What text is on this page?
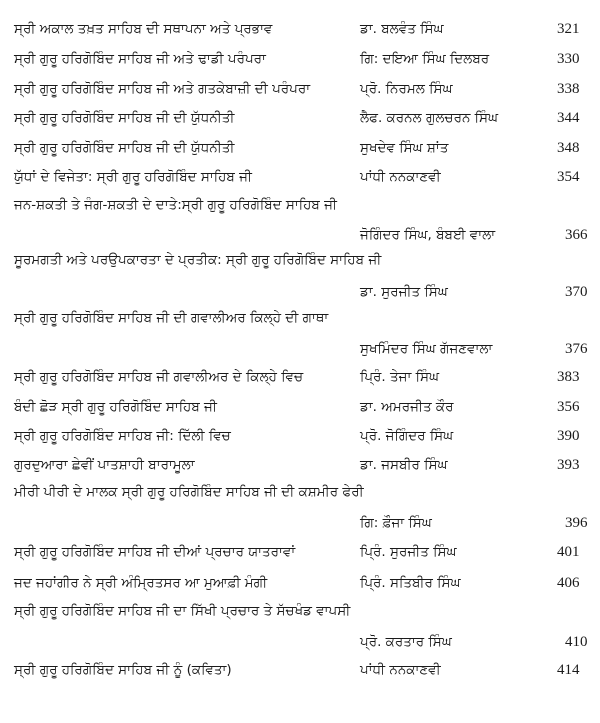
ਸ੍ਰੀ ਅਕਾਲ ਤਖ਼ਤ ਸਾਹਿਬ ਦੀ ਸਥਾਪਨਾ ਅਤੇ ਪ੍ਰਭਾਵ	ਡਾ. ਬਲਵੰਤ ਸਿੰਘ	321
ਸ੍ਰੀ ਗੁਰੂ ਹਰਿਗੋਬਿੰਦ ਸਾਹਿਬ ਜੀ ਅਤੇ ਢਾਡੀ ਪਰੰਪਰਾ	ਗਿ: ਦਇਆ ਸਿੰਘ ਦਿਲਬਰ	330
ਸ੍ਰੀ ਗੁਰੂ ਹਰਿਗੋਬਿੰਦ ਸਾਹਿਬ ਜੀ ਅਤੇ ਗਤਕੇਬਾਜ਼ੀ ਦੀ ਪਰੰਪਰਾ	ਪ੍ਰੋ. ਨਿਰਮਲ ਸਿੰਘ	338
ਸ੍ਰੀ ਗੁਰੂ ਹਰਿਗੋਬਿੰਦ ਸਾਹਿਬ ਜੀ ਦੀ ਯੁੱਧਨੀਤੀ	ਲੈਫ. ਕਰਨਲ ਗੁਲਚਰਨ ਸਿੰਘ	344
ਸ੍ਰੀ ਗੁਰੂ ਹਰਿਗੋਬਿੰਦ ਸਾਹਿਬ ਜੀ ਦੀ ਯੁੱਧਨੀਤੀ	ਸੁਖਦੇਵ ਸਿੰਘ ਸ਼ਾਂਤ	348
ਯੁੱਧਾਂ ਦੇ ਵਿਜੇਤਾ: ਸ੍ਰੀ ਗੁਰੂ ਹਰਿਗੋਬਿੰਦ ਸਾਹਿਬ ਜੀ	ਪਾਂਧੀ ਨਨਕਾਣਵੀ	354
ਜਨ-ਸ਼ਕਤੀ ਤੇ ਜੰਗ-ਸ਼ਕਤੀ ਦੇ ਦਾਤੇ:ਸ੍ਰੀ ਗੁਰੂ ਹਰਿਗੋਬਿੰਦ ਸਾਹਿਬ ਜੀ
ਜੋਗਿੰਦਰ ਸਿੰਘ, ਬੰਬਈ ਵਾਲਾ	366
ਸੂਰਮਗਤੀ ਅਤੇ ਪਰਉਪਕਾਰਤਾ ਦੇ ਪ੍ਰਤੀਕ: ਸ੍ਰੀ ਗੁਰੂ ਹਰਿਗੋਬਿੰਦ ਸਾਹਿਬ ਜੀ
ਡਾ. ਸੁਰਜੀਤ ਸਿੰਘ	370
ਸ੍ਰੀ ਗੁਰੂ ਹਰਿਗੋਬਿੰਦ ਸਾਹਿਬ ਜੀ ਦੀ ਗਵਾਲੀਅਰ ਕਿਲ੍ਹੇ ਦੀ ਗਾਥਾ
ਸੁਖਮਿੰਦਰ ਸਿੰਘ ਗੱਜਣਵਾਲਾ	376
ਸ੍ਰੀ ਗੁਰੂ ਹਰਿਗੋਬਿੰਦ ਸਾਹਿਬ ਜੀ ਗਵਾਲੀਅਰ ਦੇ ਕਿਲ੍ਹੇ ਵਿਚ	ਪ੍ਰਿੰ. ਤੇਜਾ ਸਿੰਘ	383
ਬੰਦੀ ਛੋੜ ਸ੍ਰੀ ਗੁਰੂ ਹਰਿਗੋਬਿੰਦ ਸਾਹਿਬ ਜੀ	ਡਾ. ਅਮਰਜੀਤ ਕੌਰ	356
ਸ੍ਰੀ ਗੁਰੂ ਹਰਿਗੋਬਿੰਦ ਸਾਹਿਬ ਜੀ: ਦਿੱਲੀ ਵਿਚ	ਪ੍ਰੋ. ਜੋਗਿੰਦਰ ਸਿੰਘ	390
ਗੁਰਦੁਆਰਾ ਛੇਵੀਂ ਪਾਤਸ਼ਾਹੀ ਬਾਰਾਮੂਲਾ	ਡਾ. ਜਸਬੀਰ ਸਿੰਘ	393
ਮੀਰੀ ਪੀਰੀ ਦੇ ਮਾਲਕ ਸ੍ਰੀ ਗੁਰੂ ਹਰਿਗੋਬਿੰਦ ਸਾਹਿਬ ਜੀ ਦੀ ਕਸ਼ਮੀਰ ਫੇਰੀ
ਗਿ: ਫ਼ੌਜਾ ਸਿੰਘ	396
ਸ੍ਰੀ ਗੁਰੂ ਹਰਿਗੋਬਿੰਦ ਸਾਹਿਬ ਜੀ ਦੀਆਂ ਪ੍ਰਚਾਰ ਯਾਤਰਾਵਾਂ	ਪ੍ਰਿੰ. ਸੁਰਜੀਤ ਸਿੰਘ	401
ਜਦ ਜਹਾਂਗੀਰ ਨੇ ਸ੍ਰੀ ਅੰਮ੍ਰਿਤਸਰ ਆ ਮੁਆਫ਼ੀ ਮੰਗੀ	ਪ੍ਰਿੰ. ਸਤਿਬੀਰ ਸਿੰਘ	406
ਸ੍ਰੀ ਗੁਰੂ ਹਰਿਗੋਬਿੰਦ ਸਾਹਿਬ ਜੀ ਦਾ ਸਿੱਖੀ ਪ੍ਰਚਾਰ ਤੇ ਸੱਚਖੰਡ ਵਾਪਸੀ
ਪ੍ਰੋ. ਕਰਤਾਰ ਸਿੰਘ	410
ਸ੍ਰੀ ਗੁਰੂ ਹਰਿਗੋਬਿੰਦ ਸਾਹਿਬ ਜੀ ਨੂੰ (ਕਵਿਤਾ)	ਪਾਂਧੀ ਨਨਕਾਣਵੀ	414
